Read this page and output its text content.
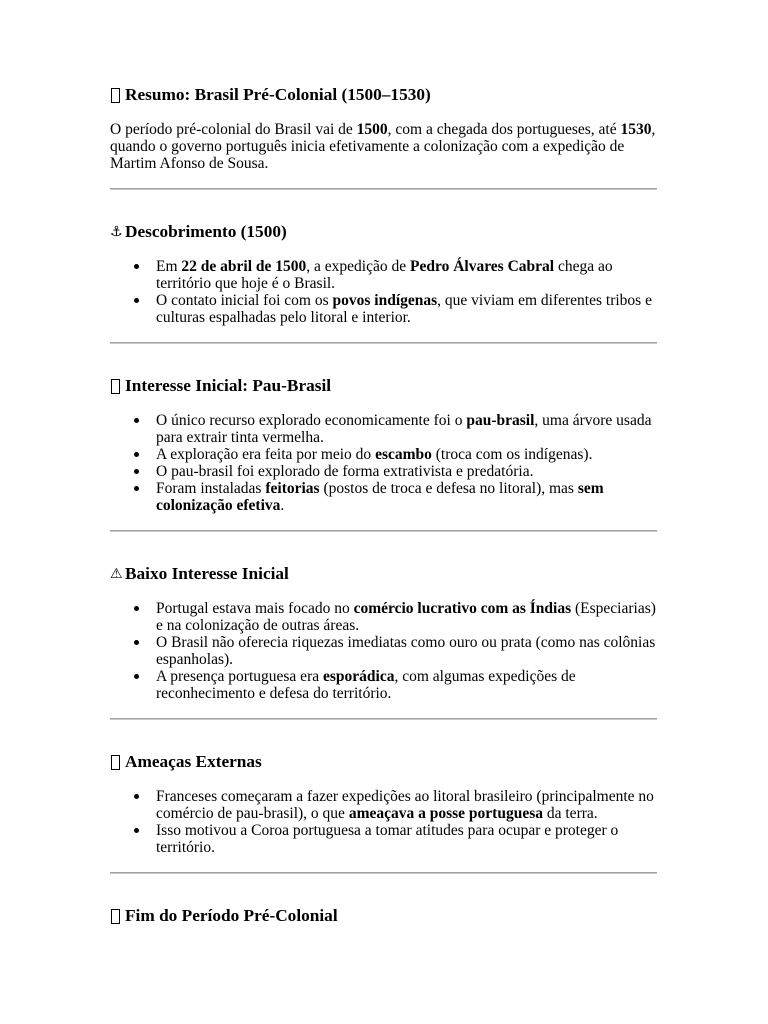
Resumo: Brasil Pré-Colonial (1500–1530)

O período pré-colonial do Brasil vai de 1500, com a chegada dos portugueses, até 1530, quando o governo português inicia efetivamente a colonização com a expedição de Martim Afonso de Sousa.

⚓ Descobrimento (1500)
Em 22 de abril de 1500, a expedição de Pedro Álvares Cabral chega ao território que hoje é o Brasil.
O contato inicial foi com os povos indígenas, que viviam em diferentes tribos e culturas espalhadas pelo litoral e interior.
Interesse Inicial: Pau-Brasil
O único recurso explorado economicamente foi o pau-brasil, uma árvore usada para extrair tinta vermelha.
A exploração era feita por meio do escambo (troca com os indígenas).
O pau-brasil foi explorado de forma extrativista e predatória.
Foram instaladas feitorias (postos de troca e defesa no litoral), mas sem colonização efetiva.
⚠ Baixo Interesse Inicial
Portugal estava mais focado no comércio lucrativo com as Índias (Especiarias) e na colonização de outras áreas.
O Brasil não oferecia riquezas imediatas como ouro ou prata (como nas colônias espanholas).
A presença portuguesa era esporádica, com algumas expedições de reconhecimento e defesa do território.
Ameaças Externas
Franceses começaram a fazer expedições ao litoral brasileiro (principalmente no comércio de pau-brasil), o que ameaçava a posse portuguesa da terra.
Isso motivou a Coroa portuguesa a tomar atitudes para ocupar e proteger o território.
Fim do Período Pré-Colonial
